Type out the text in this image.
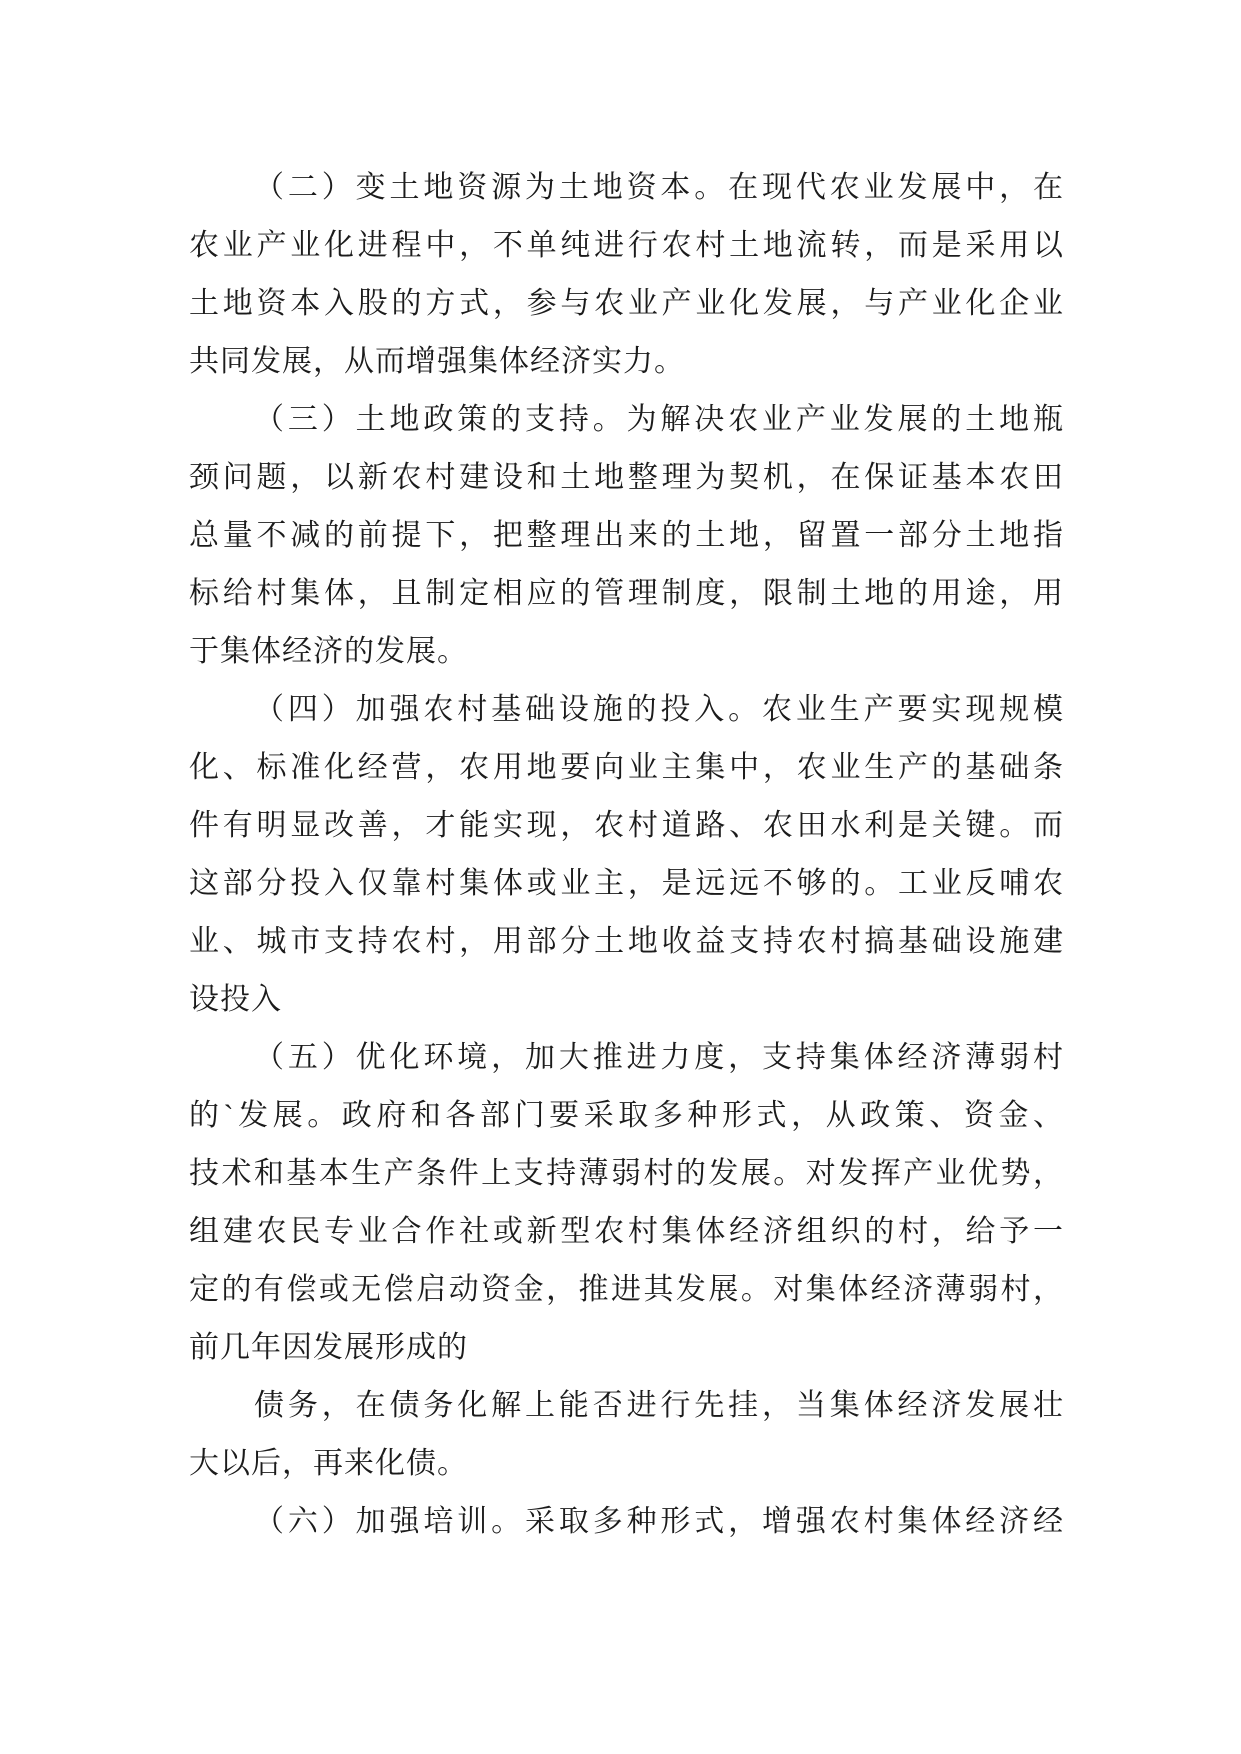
（二）变土地资源为土地资本。在现代农业发展中，在
农业产业化进程中，不单纯进行农村土地流转，而是采用以
土地资本入股的方式，参与农业产业化发展，与产业化企业
共同发展，从而增强集体经济实力。

（三）土地政策的支持。为解决农业产业发展的土地瓶
颈问题，以新农村建设和土地整理为契机，在保证基本农田
总量不减的前提下，把整理出来的土地，留置一部分土地指
标给村集体，且制定相应的管理制度，限制土地的用途，用
于集体经济的发展。

（四）加强农村基础设施的投入。农业生产要实现规模
化、标准化经营，农用地要向业主集中，农业生产的基础条
件有明显改善，才能实现，农村道路、农田水利是关键。而
这部分投入仅靠村集体或业主，是远远不够的。工业反哺农
业、城市支持农村，用部分土地收益支持农村搞基础设施建
设投入

（五）优化环境，加大推进力度，支持集体经济薄弱村
的`发展。政府和各部门要采取多种形式，从政策、资金、
技术和基本生产条件上支持薄弱村的发展。对发挥产业优势，
组建农民专业合作社或新型农村集体经济组织的村，给予一
定的有偿或无偿启动资金，推进其发展。对集体经济薄弱村，
前几年因发展形成的

债务，在债务化解上能否进行先挂，当集体经济发展壮
大以后，再来化债。

（六）加强培训。采取多种形式，增强农村集体经济经
